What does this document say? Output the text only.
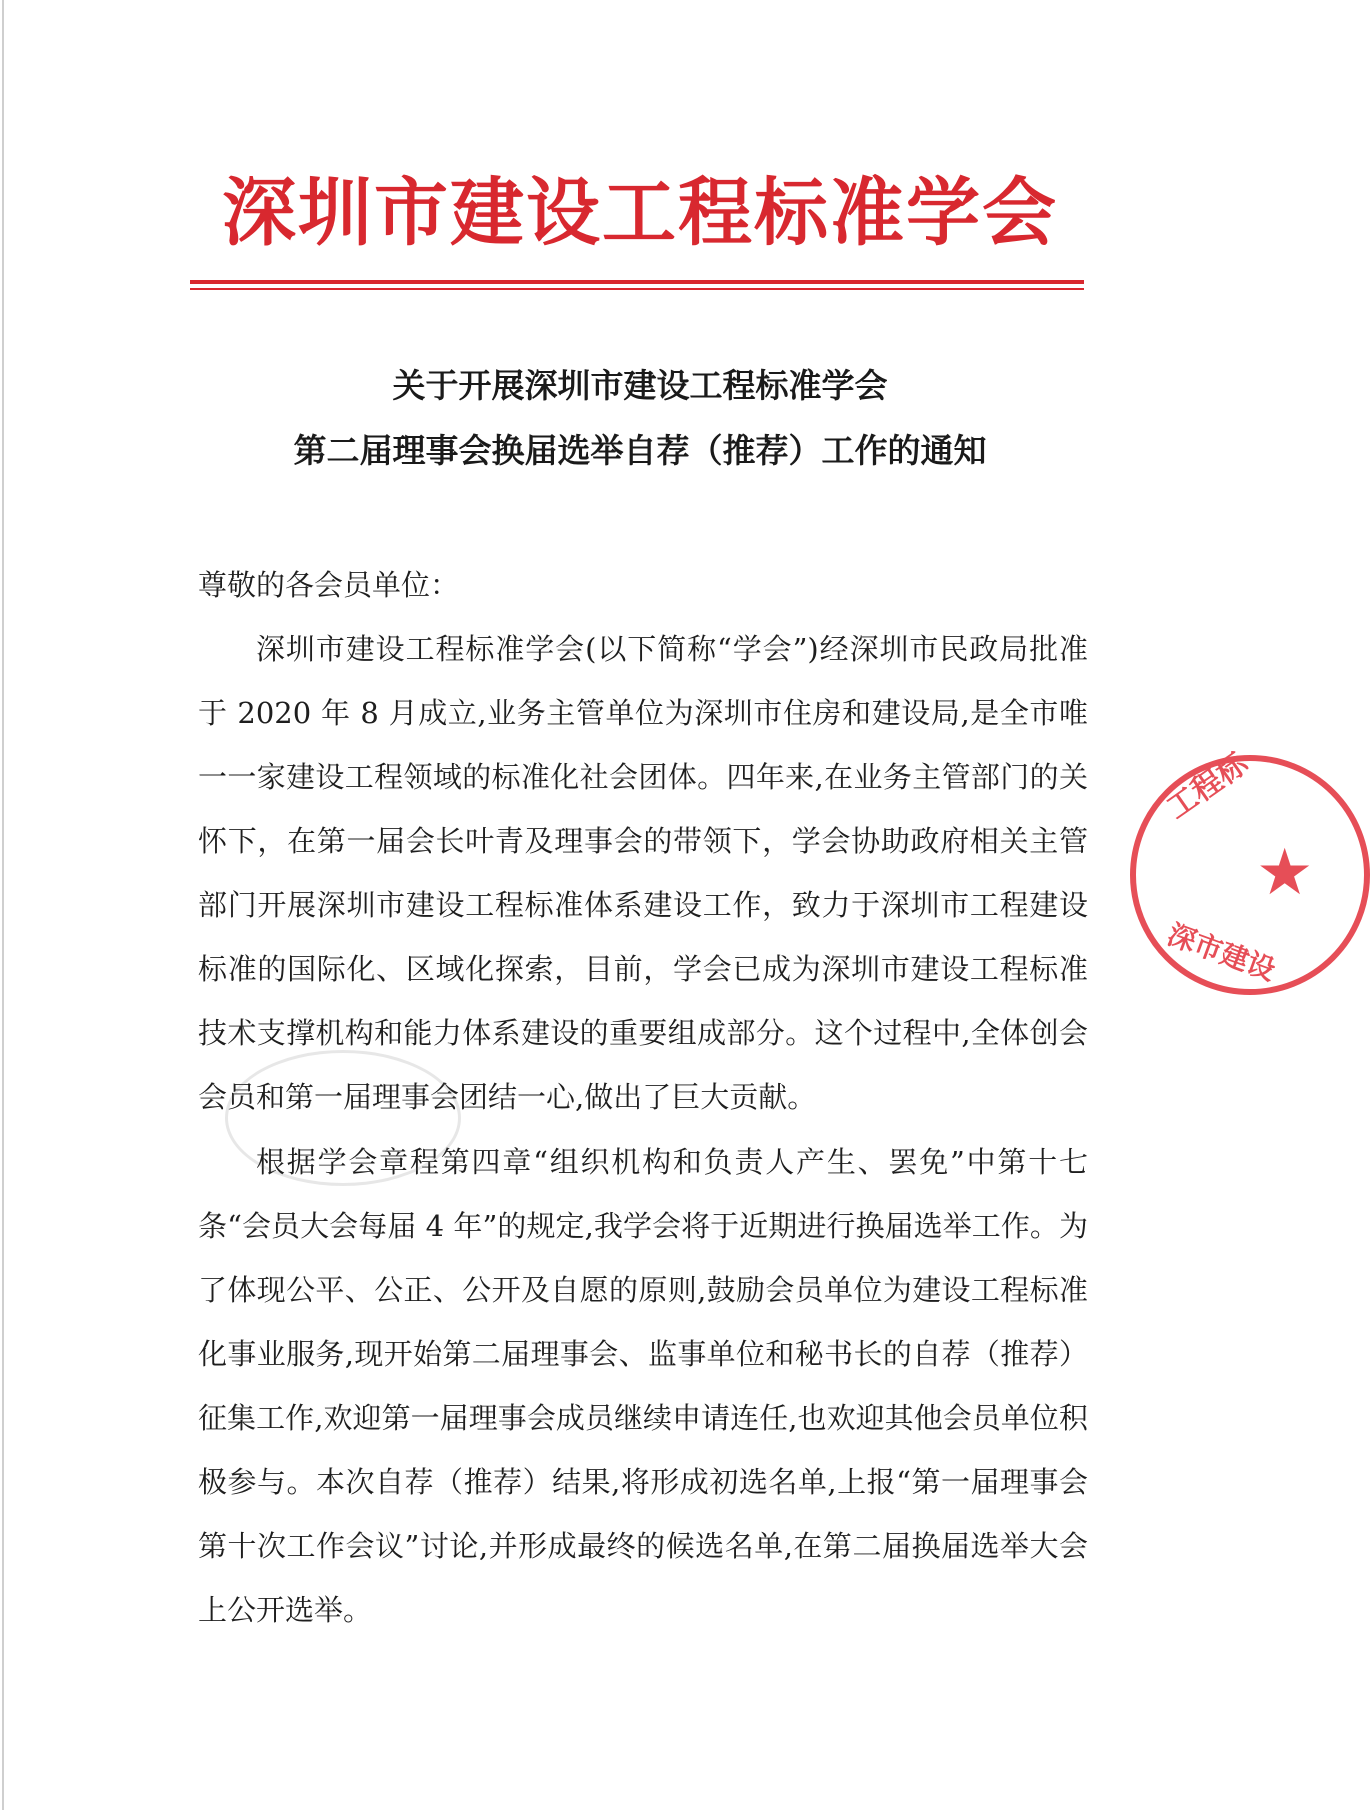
深圳市建设工程标准学会
关于开展深圳市建设工程标准学会
第二届理事会换届选举自荐（推荐）工作的通知
尊敬的各会员单位：

深圳市建设工程标准学会(以下简称“学会”)经深圳市民政局批准于 2020 年 8 月成立,业务主管单位为深圳市住房和建设局,是全市唯一一家建设工程领域的标准化社会团体。四年来,在业务主管部门的关怀下，在第一届会长叶青及理事会的带领下，学会协助政府相关主管部门开展深圳市建设工程标准体系建设工作，致力于深圳市工程建设标准的国际化、区域化探索，目前，学会已成为深圳市建设工程标准技术支撑机构和能力体系建设的重要组成部分。这个过程中,全体创会会员和第一届理事会团结一心,做出了巨大贡献。

根据学会章程第四章“组织机构和负责人产生、罢免”中第十七条“会员大会每届 4 年”的规定,我学会将于近期进行换届选举工作。为了体现公平、公正、公开及自愿的原则,鼓励会员单位为建设工程标准化事业服务,现开始第二届理事会、监事单位和秘书长的自荐（推荐）征集工作,欢迎第一届理事会成员继续申请连任,也欢迎其他会员单位积极参与。本次自荐（推荐）结果,将形成初选名单,上报“第一届理事会第十次工作会议”讨论,并形成最终的候选名单,在第二届换届选举大会上公开选举。

工程标
★
深市建设
